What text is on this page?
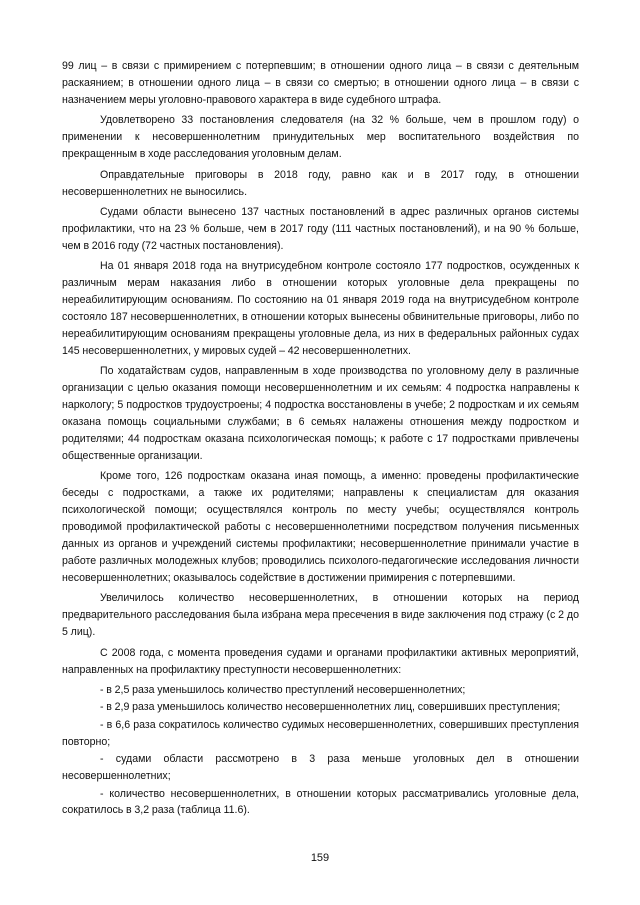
99 лиц – в связи с примирением с потерпевшим; в отношении одного лица – в связи с деятельным раскаянием; в отношении одного лица – в связи со смертью; в отношении одного лица – в связи с назначением меры уголовно-правового характера в виде судебного штрафа.

Удовлетворено 33 постановления следователя (на 32 % больше, чем в прошлом году) о применении к несовершеннолетним принудительных мер воспитательного воздействия по прекращенным в ходе расследования уголовным делам.

Оправдательные приговоры в 2018 году, равно как и в 2017 году, в отношении несовершеннолетних не выносились.

Судами области вынесено 137 частных постановлений в адрес различных органов системы профилактики, что на 23 % больше, чем в 2017 году (111 частных постановлений), и на 90 % больше, чем в 2016 году (72 частных постановления).

На 01 января 2018 года на внутрисудебном контроле состояло 177 подростков, осужденных к различным мерам наказания либо в отношении которых уголовные дела прекращены по нереабилитирующим основаниям. По состоянию на 01 января 2019 года на внутрисудебном контроле состояло 187 несовершеннолетних, в отношении которых вынесены обвинительные приговоры, либо по нереабилитирующим основаниям прекращены уголовные дела, из них в федеральных районных судах 145 несовершеннолетних, у мировых судей – 42 несовершеннолетних.

По ходатайствам судов, направленным в ходе производства по уголовному делу в различные организации с целью оказания помощи несовершеннолетним и их семьям: 4 подростка направлены к наркологу; 5 подростков трудоустроены; 4 подростка восстановлены в учебе; 2 подросткам и их семьям оказана помощь социальными службами; в 6 семьях налажены отношения между подростком и родителями; 44 подросткам оказана психологическая помощь; к работе с 17 подростками привлечены общественные организации.

Кроме того, 126 подросткам оказана иная помощь, а именно: проведены профилактические беседы с подростками, а также их родителями; направлены к специалистам для оказания психологической помощи; осуществлялся контроль по месту учебы; осуществлялся контроль проводимой профилактической работы с несовершеннолетними посредством получения письменных данных из органов и учреждений системы профилактики; несовершеннолетние принимали участие в работе различных молодежных клубов; проводились психолого-педагогические исследования личности несовершеннолетних; оказывалось содействие в достижении примирения с потерпевшими.

Увеличилось количество несовершеннолетних, в отношении которых на период предварительного расследования была избрана мера пресечения в виде заключения под стражу (с 2 до 5 лиц).

С 2008 года, с момента проведения судами и органами профилактики активных мероприятий, направленных на профилактику преступности несовершеннолетних:

- в 2,5 раза уменьшилось количество преступлений несовершеннолетних;

- в 2,9 раза уменьшилось количество несовершеннолетних лиц, совершивших преступления;

- в 6,6 раза сократилось количество судимых несовершеннолетних, совершивших преступления повторно;

- судами области рассмотрено в 3 раза меньше уголовных дел в отношении несовершеннолетних;

- количество несовершеннолетних, в отношении которых рассматривались уголовные дела, сократилось в 3,2 раза (таблица 11.6).

159
